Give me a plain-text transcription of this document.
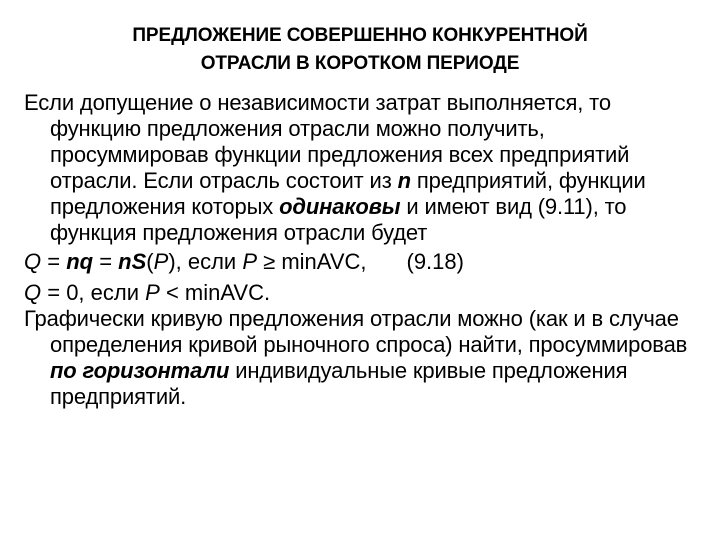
ПРЕДЛОЖЕНИЕ СОВЕРШЕННО КОНКУРЕНТНОЙ
ОТРАСЛИ В КОРОТКОМ ПЕРИОДЕ

Если допущение о независимости затрат выполняется, то функцию предложения отрасли можно получить, просуммировав функции предложения всех предприятий отрасли. Если отрасль состоит из n предприятий, функции предложения которых одинаковы и имеют вид (9.11), то функция предложения отрасли будет

Q = nq = nS(P), если P ≥ minAVC, (9.18)

Q = 0, если P < minAVC.

Графически кривую предложения отрасли можно (как и в случае определения кривой рыночного спроса) найти, просуммировав по горизонтали индивидуальные кривые предложения предприятий.
